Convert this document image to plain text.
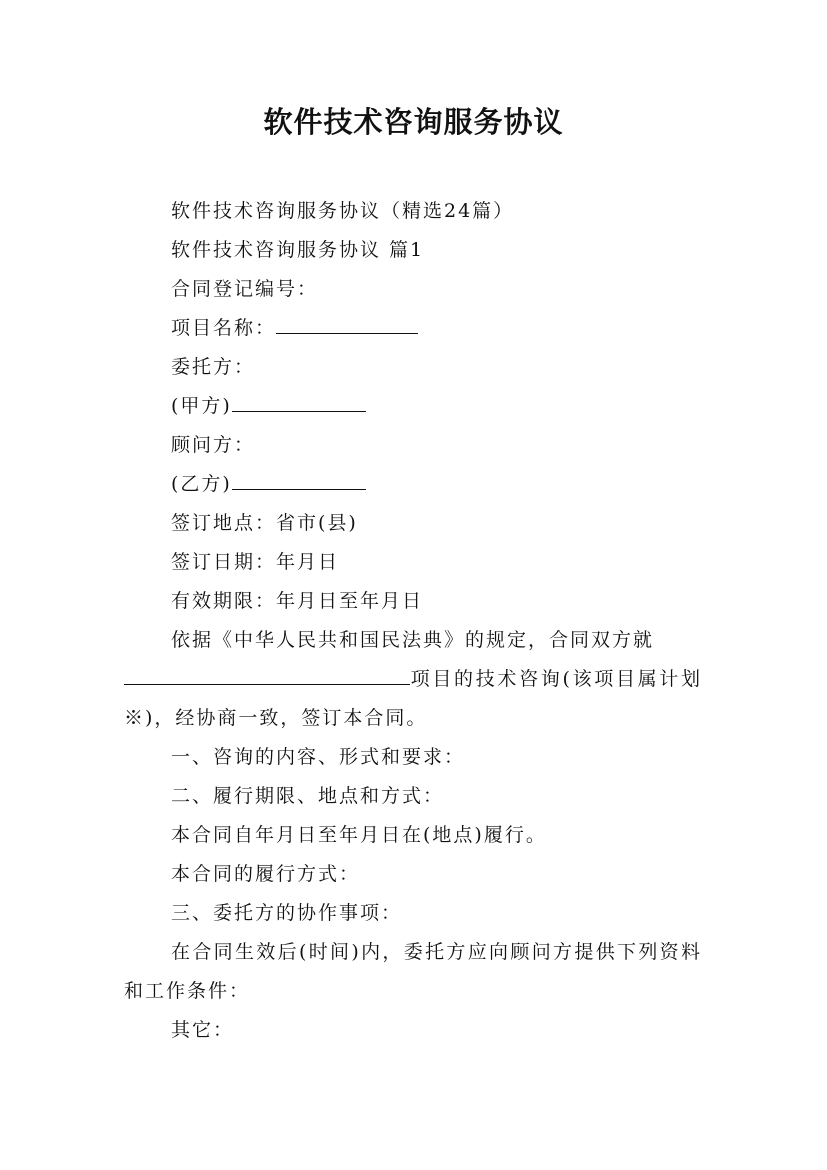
软件技术咨询服务协议

软件技术咨询服务协议（精选24篇）

软件技术咨询服务协议 篇1

合同登记编号：

项目名称：

委托方：

(甲方)

顾问方：

(乙方)

签订地点：省市(县)

签订日期：年月日

有效期限：年月日至年月日

依据《中华人民共和国民法典》的规定，合同双方就

项目的技术咨询(该项目属计划※)，经协商一致，签订本合同。

一、咨询的内容、形式和要求：

二、履行期限、地点和方式：

本合同自年月日至年月日在(地点)履行。

本合同的履行方式：

三、委托方的协作事项：

在合同生效后(时间)内，委托方应向顾问方提供下列资料和工作条件：

其它：
